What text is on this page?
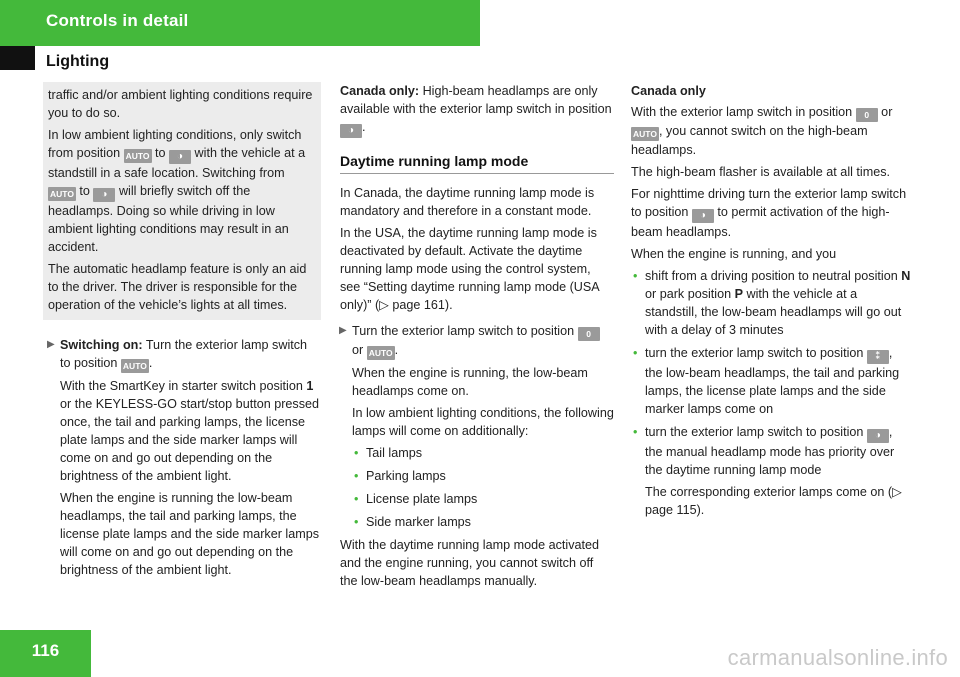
Controls in detail
Lighting

traffic and/or ambient lighting conditions require you to do so.

In low ambient lighting conditions, only switch from position AUTO to ◑ with the vehicle at a standstill in a safe location. Switching from AUTO to ◑ will briefly switch off the headlamps. Doing so while driving in low ambient lighting conditions may result in an accident.

The automatic headlamp feature is only an aid to the driver. The driver is responsible for the operation of the vehicle’s lights at all times.

▶ Switching on: Turn the exterior lamp switch to position AUTO .

With the SmartKey in starter switch position 1 or the KEYLESS-GO start/stop button pressed once, the tail and parking lamps, the license plate lamps and the side marker lamps will come on and go out depending on the brightness of the ambient light.

When the engine is running the low-beam headlamps, the tail and parking lamps, the license plate lamps and the side marker lamps will come on and go out depending on the brightness of the ambient light.

Canada only: High-beam headlamps are only available with the exterior lamp switch in position ◑ .

Daytime running lamp mode

In Canada, the daytime running lamp mode is mandatory and therefore in a constant mode.

In the USA, the daytime running lamp mode is deactivated by default. Activate the daytime running lamp mode using the control system, see “Setting daytime running lamp mode (USA only)” (▷ page 161).

▶ Turn the exterior lamp switch to position 0 or AUTO .

When the engine is running, the low-beam headlamps come on.

In low ambient lighting conditions, the following lamps will come on additionally:

• Tail lamps
• Parking lamps
• License plate lamps
• Side marker lamps

With the daytime running lamp mode activated and the engine running, you cannot switch off the low-beam headlamps manually.

Canada only

With the exterior lamp switch in position 0 or AUTO , you cannot switch on the high-beam headlamps.

The high-beam flasher is available at all times.

For nighttime driving turn the exterior lamp switch to position ◑ to permit activation of the high-beam headlamps.

When the engine is running, and you

• shift from a driving position to neutral position N or park position P with the vehicle at a standstill, the low-beam headlamps will go out with a delay of 3 minutes
• turn the exterior lamp switch to position ⁑ , the low-beam headlamps, the tail and parking lamps, the license plate lamps and the side marker lamps come on
• turn the exterior lamp switch to position ◑ , the manual headlamp mode has priority over the daytime running lamp mode

The corresponding exterior lamps come on (▷ page 115).

116	carmanualsonline.info
